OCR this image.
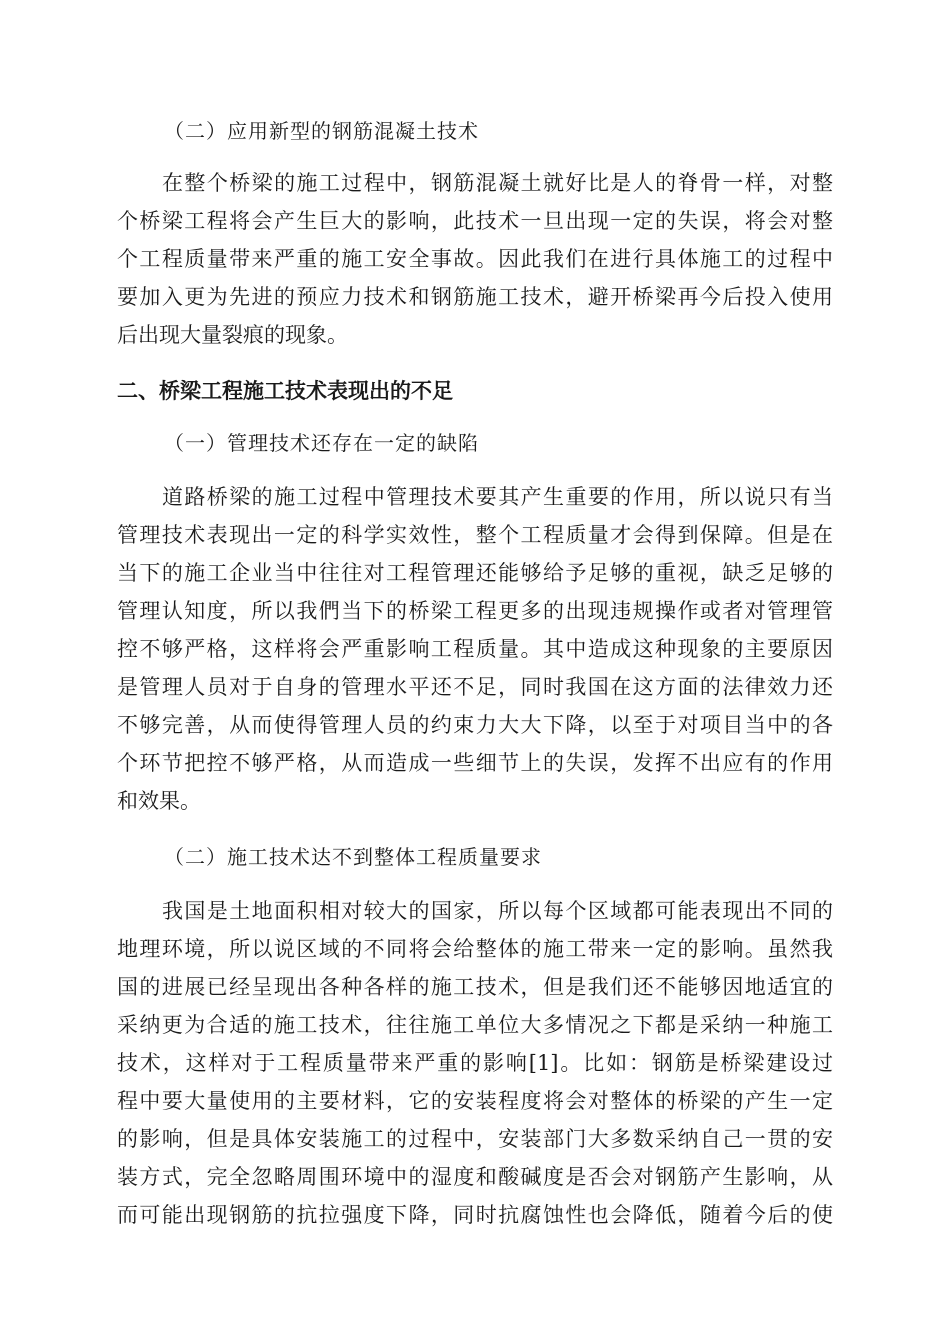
（二）应用新型的钢筋混凝土技术
在整个桥梁的施工过程中，钢筋混凝土就好比是人的脊骨一样，对整
个桥梁工程将会产生巨大的影响，此技术一旦出现一定的失误，将会对整
个工程质量带来严重的施工安全事故。因此我们在进行具体施工的过程中
要加入更为先进的预应力技术和钢筋施工技术，避开桥梁再今后投入使用
后出现大量裂痕的现象。
二、桥梁工程施工技术表现出的不足
（一）管理技术还存在一定的缺陷
道路桥梁的施工过程中管理技术要其产生重要的作用，所以说只有当
管理技术表现出一定的科学实效性，整个工程质量才会得到保障。但是在
当下的施工企业当中往往对工程管理还能够给予足够的重视，缺乏足够的
管理认知度，所以我們当下的桥梁工程更多的出现违规操作或者对管理管
控不够严格，这样将会严重影响工程质量。其中造成这种现象的主要原因
是管理人员对于自身的管理水平还不足，同时我国在这方面的法律效力还
不够完善，从而使得管理人员的约束力大大下降，以至于对项目当中的各
个环节把控不够严格，从而造成一些细节上的失误，发挥不出应有的作用
和效果。
（二）施工技术达不到整体工程质量要求
我国是土地面积相对较大的国家，所以每个区域都可能表现出不同的
地理环境，所以说区域的不同将会给整体的施工带来一定的影响。虽然我
国的进展已经呈现出各种各样的施工技术，但是我们还不能够因地适宜的
采纳更为合适的施工技术，往往施工单位大多情况之下都是采纳一种施工
技术，这样对于工程质量带来严重的影响[1]。比如：钢筋是桥梁建设过
程中要大量使用的主要材料，它的安装程度将会对整体的桥梁的产生一定
的影响，但是具体安装施工的过程中，安装部门大多数采纳自己一贯的安
装方式，完全忽略周围环境中的湿度和酸碱度是否会对钢筋产生影响，从
而可能出现钢筋的抗拉强度下降，同时抗腐蚀性也会降低，随着今后的使
